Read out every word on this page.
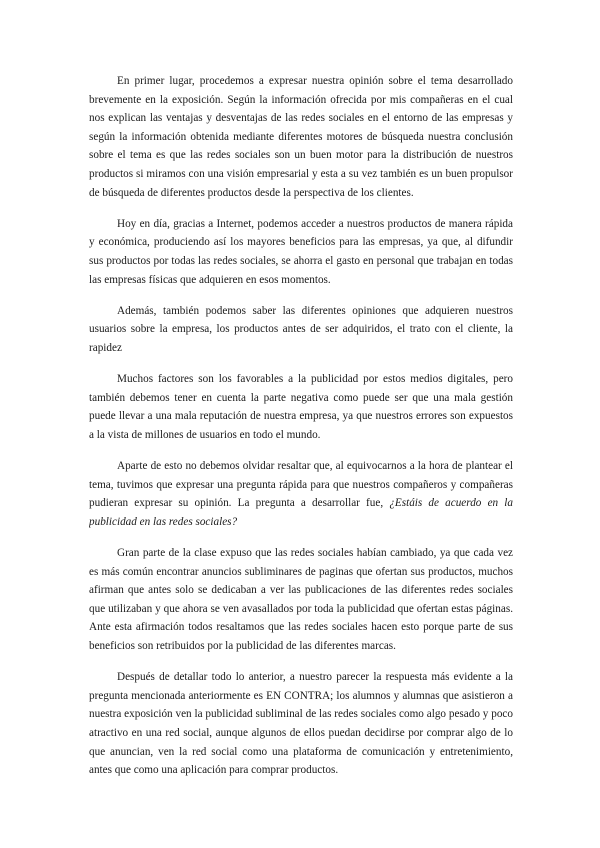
En primer lugar, procedemos a expresar nuestra opinión sobre el tema desarrollado brevemente en la exposición. Según la información ofrecida por mis compañeras en el cual nos explican las ventajas y desventajas de las redes sociales en el entorno de las empresas y según la información obtenida mediante diferentes motores de búsqueda nuestra conclusión sobre el tema es que las redes sociales son un buen motor para la distribución de nuestros productos si miramos con una visión empresarial y esta a su vez también es un buen propulsor de búsqueda de diferentes productos desde la perspectiva de los clientes.

Hoy en día, gracias a Internet, podemos acceder a nuestros productos de manera rápida y económica, produciendo así los mayores beneficios para las empresas, ya que, al difundir sus productos por todas las redes sociales, se ahorra el gasto en personal que trabajan en todas las empresas físicas que adquieren en esos momentos.

Además, también podemos saber las diferentes opiniones que adquieren nuestros usuarios sobre la empresa, los productos antes de ser adquiridos, el trato con el cliente, la rapidez

Muchos factores son los favorables a la publicidad por estos medios digitales, pero también debemos tener en cuenta la parte negativa como puede ser que una mala gestión puede llevar a una mala reputación de nuestra empresa, ya que nuestros errores son expuestos a la vista de millones de usuarios en todo el mundo.

Aparte de esto no debemos olvidar resaltar que, al equivocarnos a la hora de plantear el tema, tuvimos que expresar una pregunta rápida para que nuestros compañeros y compañeras pudieran expresar su opinión. La pregunta a desarrollar fue, ¿Estáis de acuerdo en la publicidad en las redes sociales?

Gran parte de la clase expuso que las redes sociales habían cambiado, ya que cada vez es más común encontrar anuncios subliminares de paginas que ofertan sus productos, muchos afirman que antes solo se dedicaban a ver las publicaciones de las diferentes redes sociales que utilizaban y que ahora se ven avasallados por toda la publicidad que ofertan estas páginas. Ante esta afirmación todos resaltamos que las redes sociales hacen esto porque parte de sus beneficios son retribuidos por la publicidad de las diferentes marcas.

Después de detallar todo lo anterior, a nuestro parecer la respuesta más evidente a la pregunta mencionada anteriormente es EN CONTRA; los alumnos y alumnas que asistieron a nuestra exposición ven la publicidad subliminal de las redes sociales como algo pesado y poco atractivo en una red social, aunque algunos de ellos puedan decidirse por comprar algo de lo que anuncian, ven la red social como una plataforma de comunicación y entretenimiento, antes que como una aplicación para comprar productos.
